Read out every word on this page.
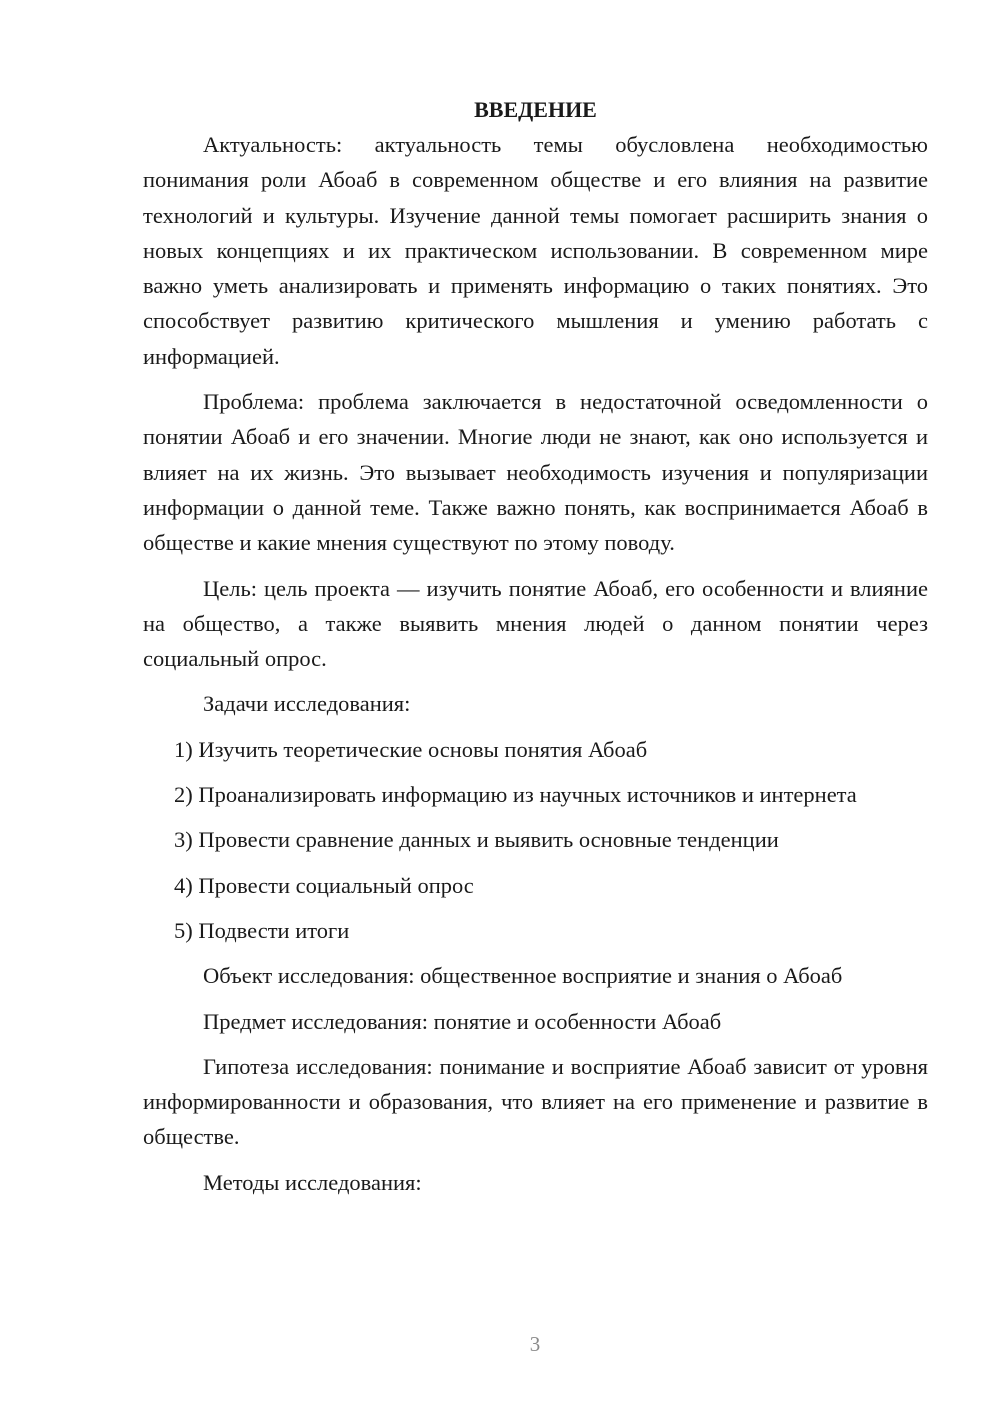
ВВЕДЕНИЕ

Актуальность: актуальность темы обусловлена необходимостью понимания роли Абоаб в современном обществе и его влияния на развитие технологий и культуры. Изучение данной темы помогает расширить знания о новых концепциях и их практическом использовании. В современном мире важно уметь анализировать и применять информацию о таких понятиях. Это способствует развитию критического мышления и умению работать с информацией.

Проблема: проблема заключается в недостаточной осведомленности о понятии Абоаб и его значении. Многие люди не знают, как оно используется и влияет на их жизнь. Это вызывает необходимость изучения и популяризации информации о данной теме. Также важно понять, как воспринимается Абоаб в обществе и какие мнения существуют по этому поводу.

Цель: цель проекта — изучить понятие Абоаб, его особенности и влияние на общество, а также выявить мнения людей о данном понятии через социальный опрос.

Задачи исследования:

1) Изучить теоретические основы понятия Абоаб

2) Проанализировать информацию из научных источников и интернета

3) Провести сравнение данных и выявить основные тенденции

4) Провести социальный опрос

5) Подвести итоги

Объект исследования: общественное восприятие и знания о Абоаб

Предмет исследования: понятие и особенности Абоаб

Гипотеза исследования: понимание и восприятие Абоаб зависит от уровня информированности и образования, что влияет на его применение и развитие в обществе.

Методы исследования:

3
